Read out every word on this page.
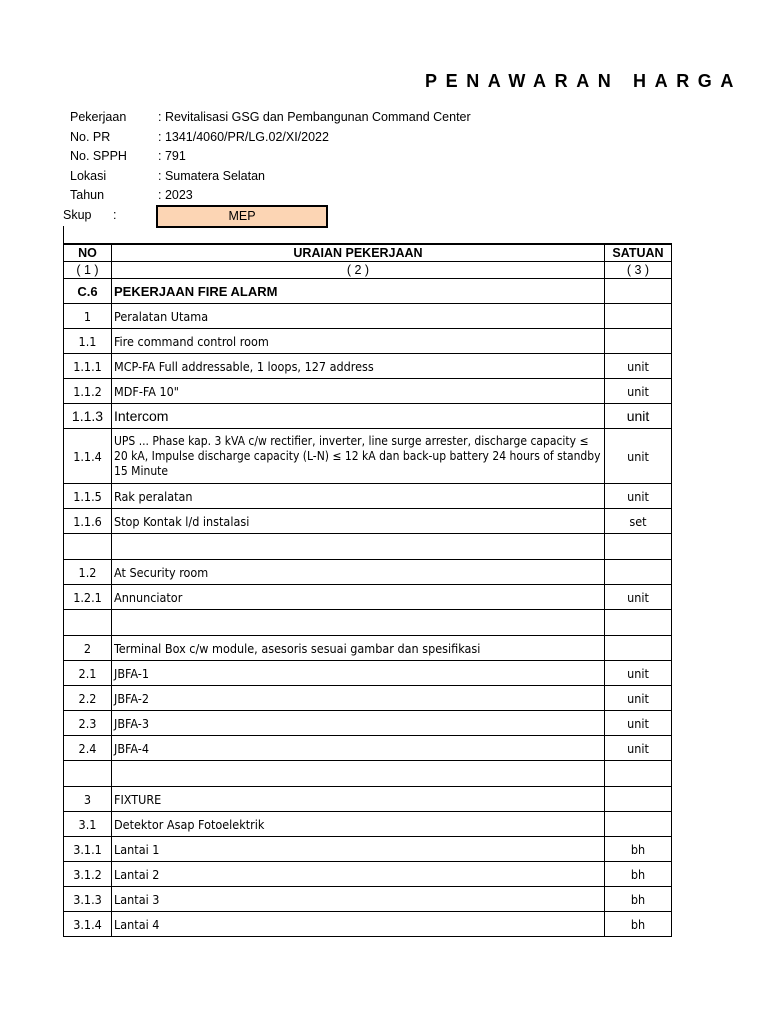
PENAWARAN HARGA
Pekerjaan	: Revitalisasi GSG dan Pembangunan Command Center
No. PR	: 1341/4060/PR/LG.02/XI/2022
No. SPPH	: 791
Lokasi	: Sumatera Selatan
Tahun	: 2023
Skup :	MEP
NO	URAIAN PEKERJAAN	SATUAN
( 1 )	( 2 )	( 3 )
C.6	PEKERJAAN FIRE ALARM	
1	Peralatan Utama	
1.1	Fire command control room	
1.1.1	MCP-FA Full addressable, 1 loops, 127 address	unit
1.1.2	MDF-FA 10"	unit
1.1.3	Intercom	unit
1.1.4	UPS ... Phase kap. 3 kVA c/w rectifier, inverter, line surge arrester, discharge capacity ≤ 20 kA, Impulse discharge capacity (L-N) ≤ 12 kA dan back-up battery 24 hours of standby 15 Minute	unit
1.1.5	Rak peralatan	unit
1.1.6	Stop Kontak l/d instalasi	set

1.2	At Security room	
1.2.1	Annunciator	unit

2	Terminal Box c/w module, asesoris sesuai gambar dan spesifikasi	
2.1	JBFA-1	unit
2.2	JBFA-2	unit
2.3	JBFA-3	unit
2.4	JBFA-4	unit

3	FIXTURE	
3.1	Detektor Asap Fotoelektrik	
3.1.1	Lantai 1	bh
3.1.2	Lantai 2	bh
3.1.3	Lantai 3	bh
3.1.4	Lantai 4	bh
